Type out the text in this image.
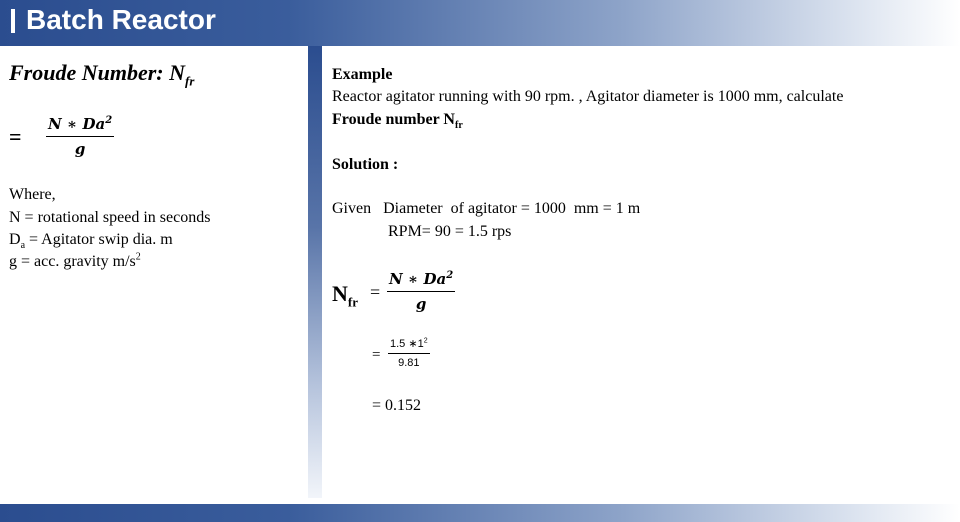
Batch Reactor
Froude Number: $N_{fr}$
= $\frac{N ∗ Da^2}{g}$
Where,
N = rotational speed in seconds
$D_a$ = Agitator swip dia. m
g = acc. gravity $m/s^2$
Example
Reactor agitator running with 90 rpm. , Agitator diameter is 1000 mm, calculate
Froude number $N_{fr}$
Solution :
Given   Diameter  of agitator = 1000  mm = 1 m
RPM= 90 = 1.5 rps
$N_{fr} = \frac{N ∗ Da^2}{g}$
= $\frac{1.5 ∗1^2}{9.81}$
= 0.152
